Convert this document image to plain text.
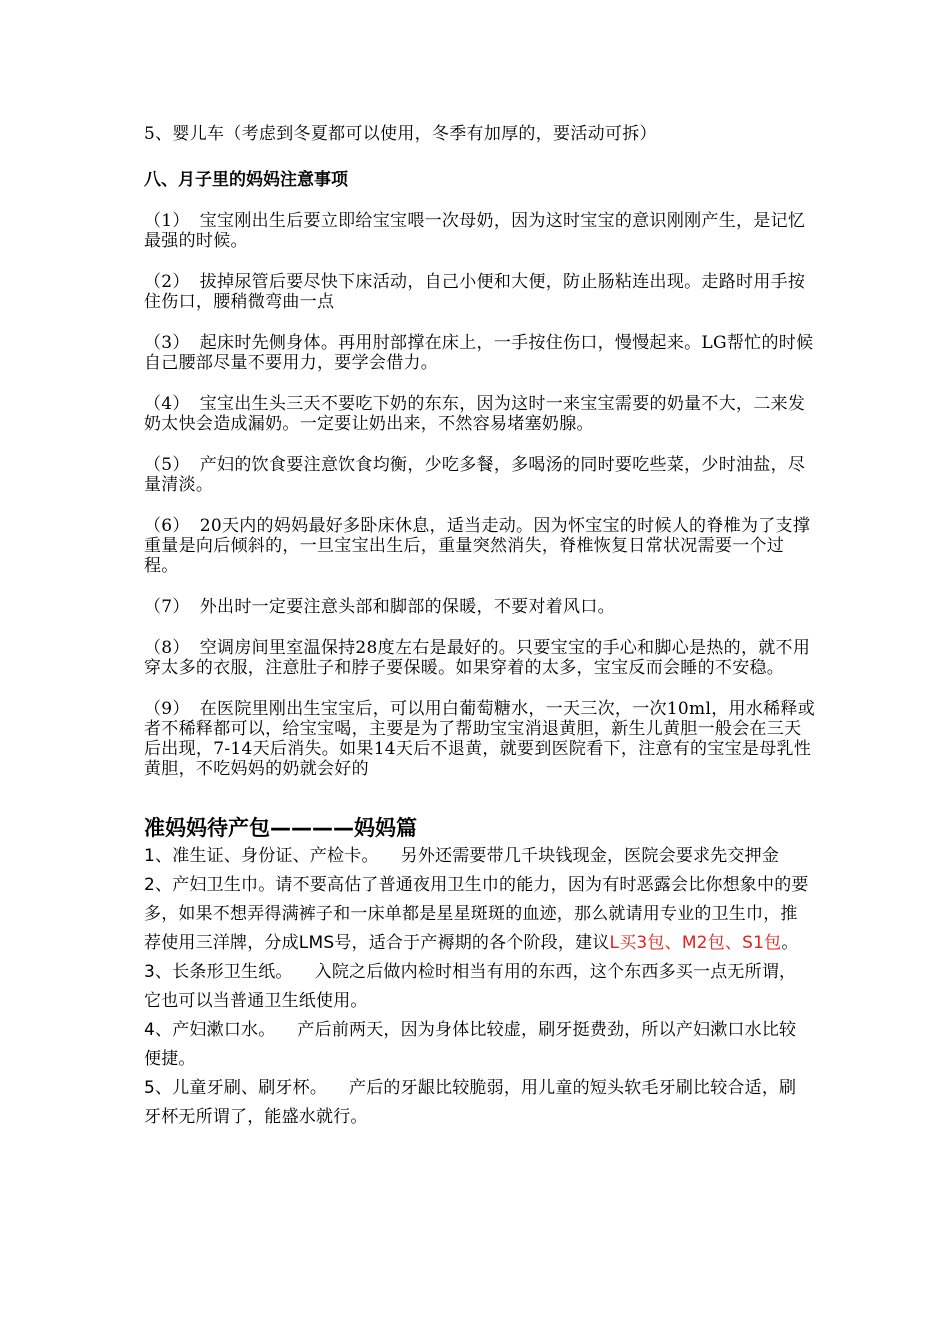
5、婴儿车（考虑到冬夏都可以使用，冬季有加厚的，要活动可拆）
八、月子里的妈妈注意事项

（1） 宝宝刚出生后要立即给宝宝喂一次母奶，因为这时宝宝的意识刚刚产生，是记忆最强的时候。

（2） 拔掉尿管后要尽快下床活动，自己小便和大便，防止肠粘连出现。走路时用手按住伤口，腰稍微弯曲一点

（3） 起床时先侧身体。再用肘部撑在床上，一手按住伤口，慢慢起来。LG帮忙的时候自己腰部尽量不要用力，要学会借力。

（4） 宝宝出生头三天不要吃下奶的东东，因为这时一来宝宝需要的奶量不大，二来发奶太快会造成漏奶。一定要让奶出来，不然容易堵塞奶腺。

（5） 产妇的饮食要注意饮食均衡，少吃多餐，多喝汤的同时要吃些菜，少时油盐，尽量清淡。

（6） 20天内的妈妈最好多卧床休息，适当走动。因为怀宝宝的时候人的脊椎为了支撑重量是向后倾斜的，一旦宝宝出生后，重量突然消失，脊椎恢复日常状况需要一个过程。

（7） 外出时一定要注意头部和脚部的保暖，不要对着风口。

（8） 空调房间里室温保持28度左右是最好的。只要宝宝的手心和脚心是热的，就不用穿太多的衣服，注意肚子和脖子要保暖。如果穿着的太多，宝宝反而会睡的不安稳。

（9） 在医院里刚出生宝宝后，可以用白葡萄糖水，一天三次，一次10ml，用水稀释或者不稀释都可以，给宝宝喝，主要是为了帮助宝宝消退黄胆，新生儿黄胆一般会在三天后出现，7-14天后消失。如果14天后不退黄，就要到医院看下，注意有的宝宝是母乳性黄胆，不吃妈妈的奶就会好的

准妈妈待产包————妈妈篇

1、准生证、身份证、产检卡。 另外还需要带几千块钱现金，医院会要求先交押金

2、产妇卫生巾。请不要高估了普通夜用卫生巾的能力，因为有时恶露会比你想象中的要多，如果不想弄得满裤子和一床单都是星星斑斑的血迹，那么就请用专业的卫生巾，推荐使用三洋牌，分成LMS号，适合于产褥期的各个阶段，建议L买3包、M2包、S1包。

3、长条形卫生纸。 入院之后做内检时相当有用的东西，这个东西多买一点无所谓，它也可以当普通卫生纸使用。

4、产妇漱口水。 产后前两天，因为身体比较虚，刷牙挺费劲，所以产妇漱口水比较便捷。

5、儿童牙刷、刷牙杯。 产后的牙龈比较脆弱，用儿童的短头软毛牙刷比较合适，刷牙杯无所谓了，能盛水就行。
